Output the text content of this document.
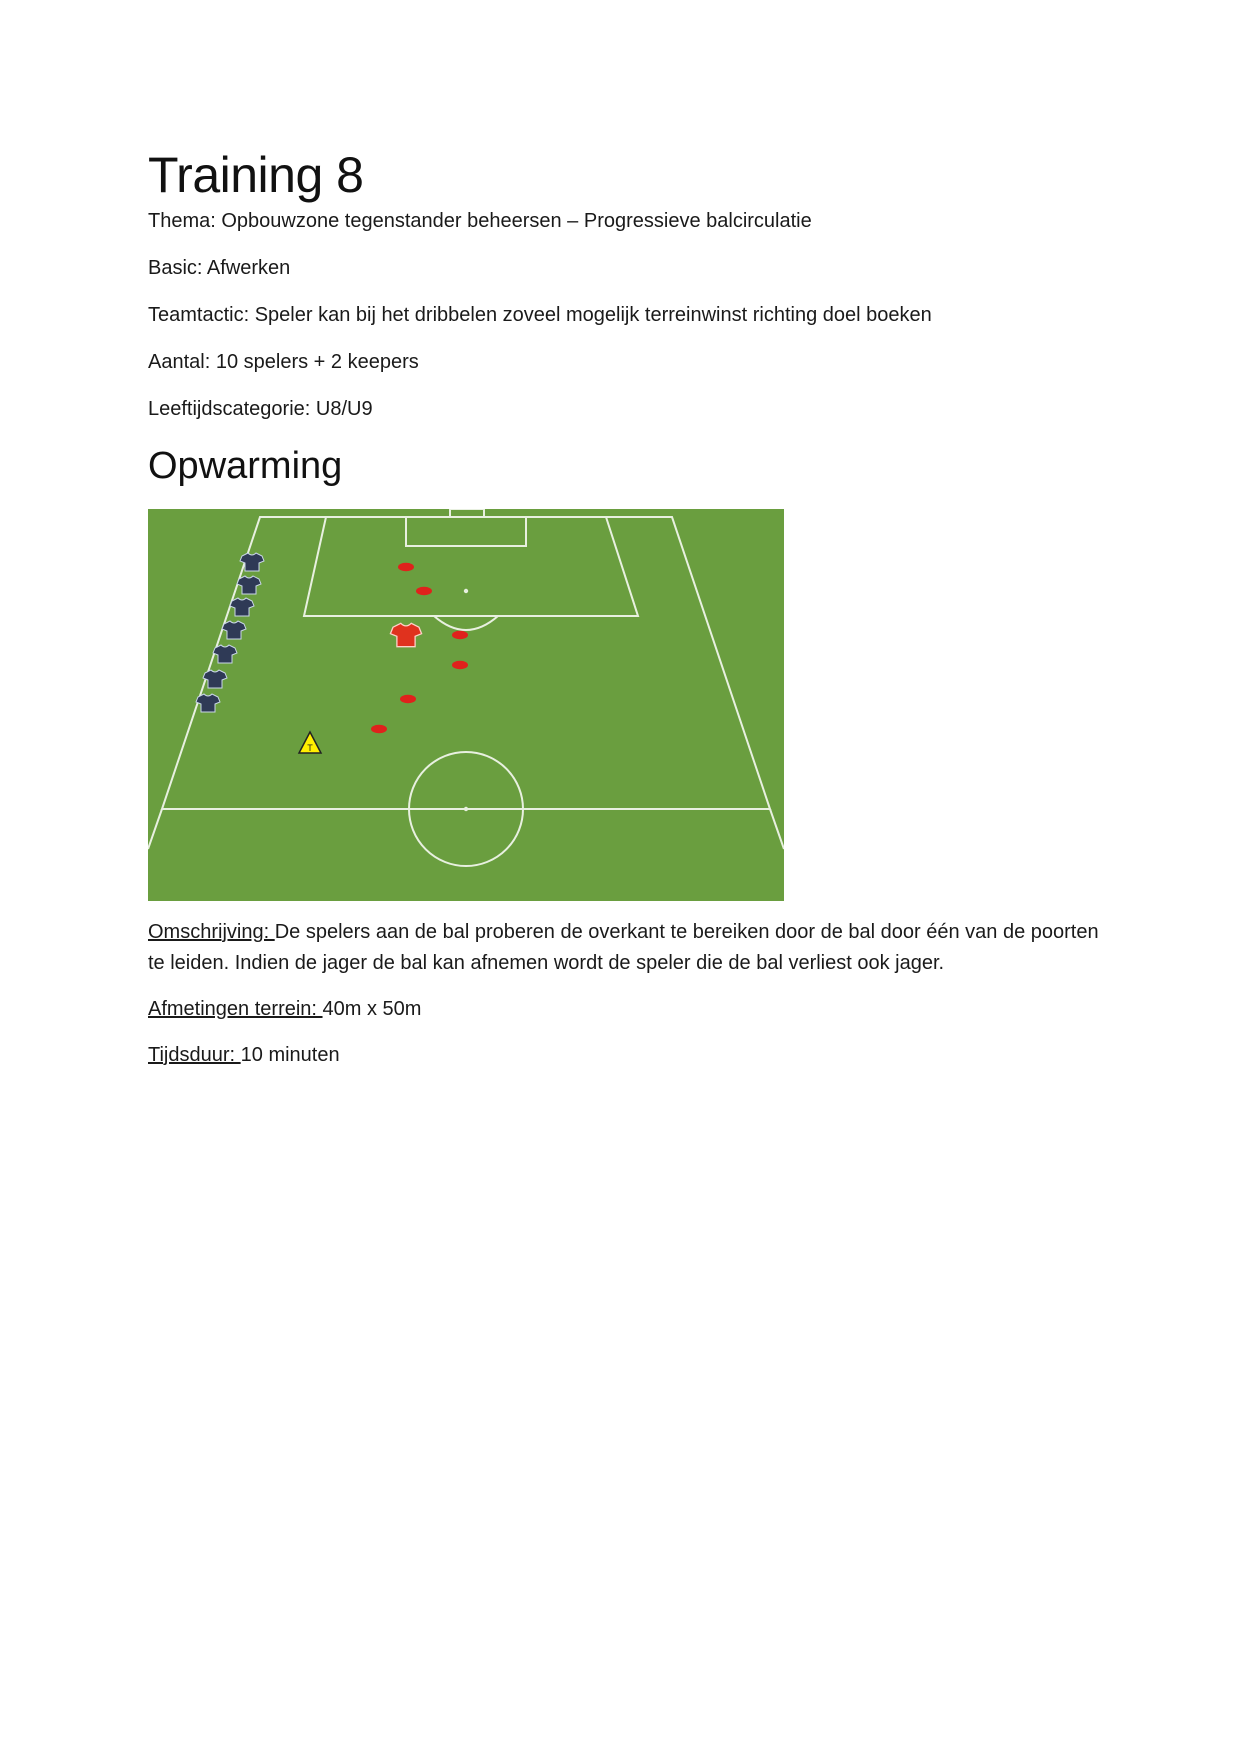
Training 8

Thema: Opbouwzone tegenstander beheersen – Progressieve balcirculatie

Basic: Afwerken

Teamtactic: Speler kan bij het dribbelen zoveel mogelijk terreinwinst richting doel boeken

Aantal: 10 spelers + 2 keepers

Leeftijdscategorie: U8/U9

Opwarming
T

Omschrijving: De spelers aan de bal proberen de overkant te bereiken door de bal door één van de poorten te leiden. Indien de jager de bal kan afnemen wordt de speler die de bal verliest ook jager.

Afmetingen terrein: 40m x 50m

Tijdsduur: 10 minuten
